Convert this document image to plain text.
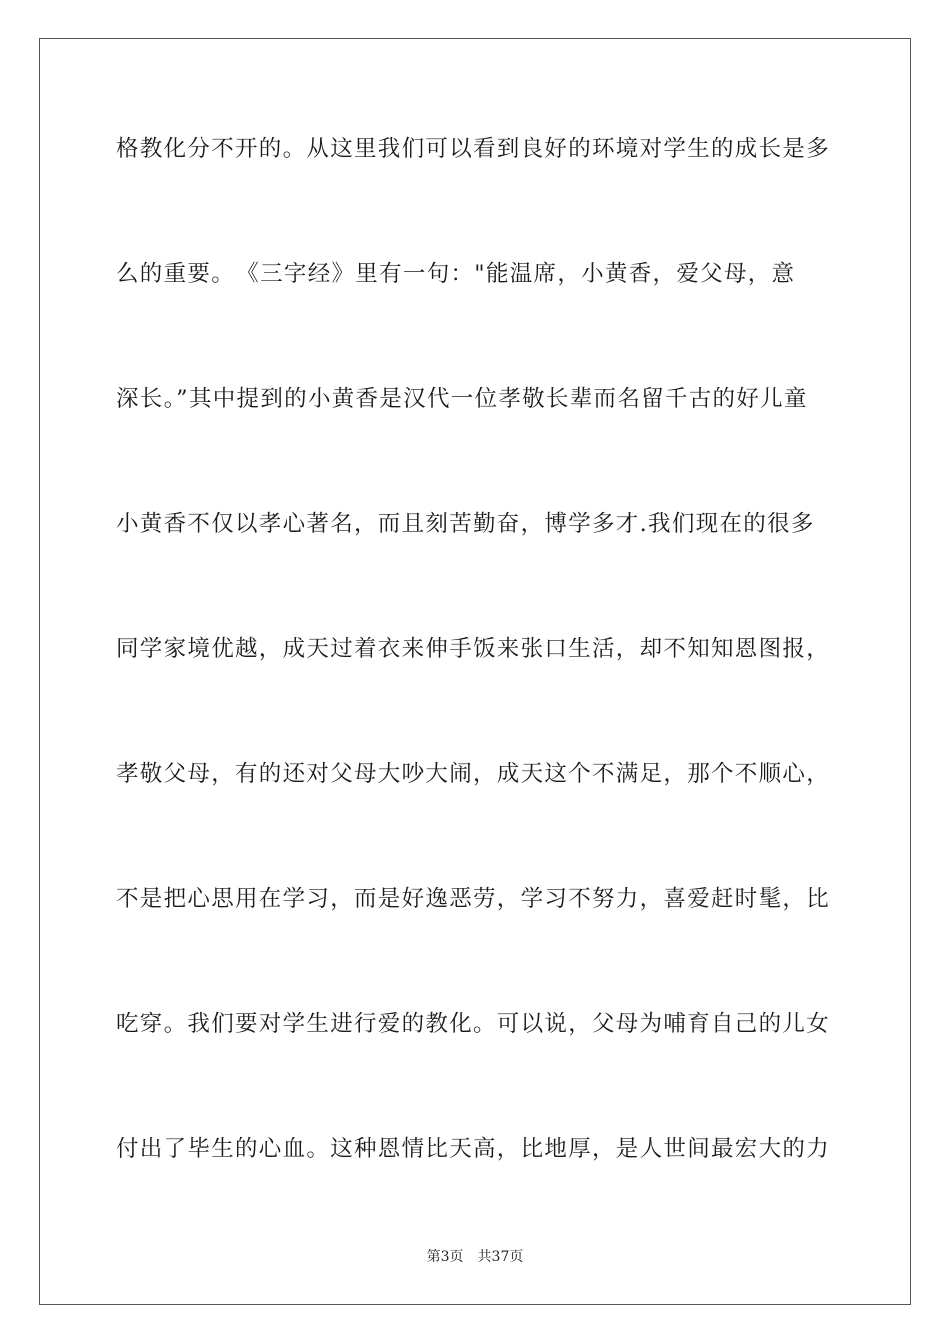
格教化分不开的。从这里我们可以看到良好的环境对学生的成长是多
么的重要。　《三字经》里有一句："能温席，小黄香，爱父母，意
深长。”其中提到的小黄香是汉代一位孝敬长辈而名留千古的好儿童
小黄香不仅以孝心著名，而且刻苦勤奋，博学多才.我们现在的很多
同学家境优越，成天过着衣来伸手饭来张口生活，却不知知恩图报，
孝敬父母，有的还对父母大吵大闹，成天这个不满足，那个不顺心，
不是把心思用在学习，而是好逸恶劳，学习不努力，喜爱赶时髦，比
吃穿。我们要对学生进行爱的教化。可以说，父母为哺育自己的儿女
付出了毕生的心血。这种恩情比天高，比地厚，是人世间最宏大的力
第3页 共37页
